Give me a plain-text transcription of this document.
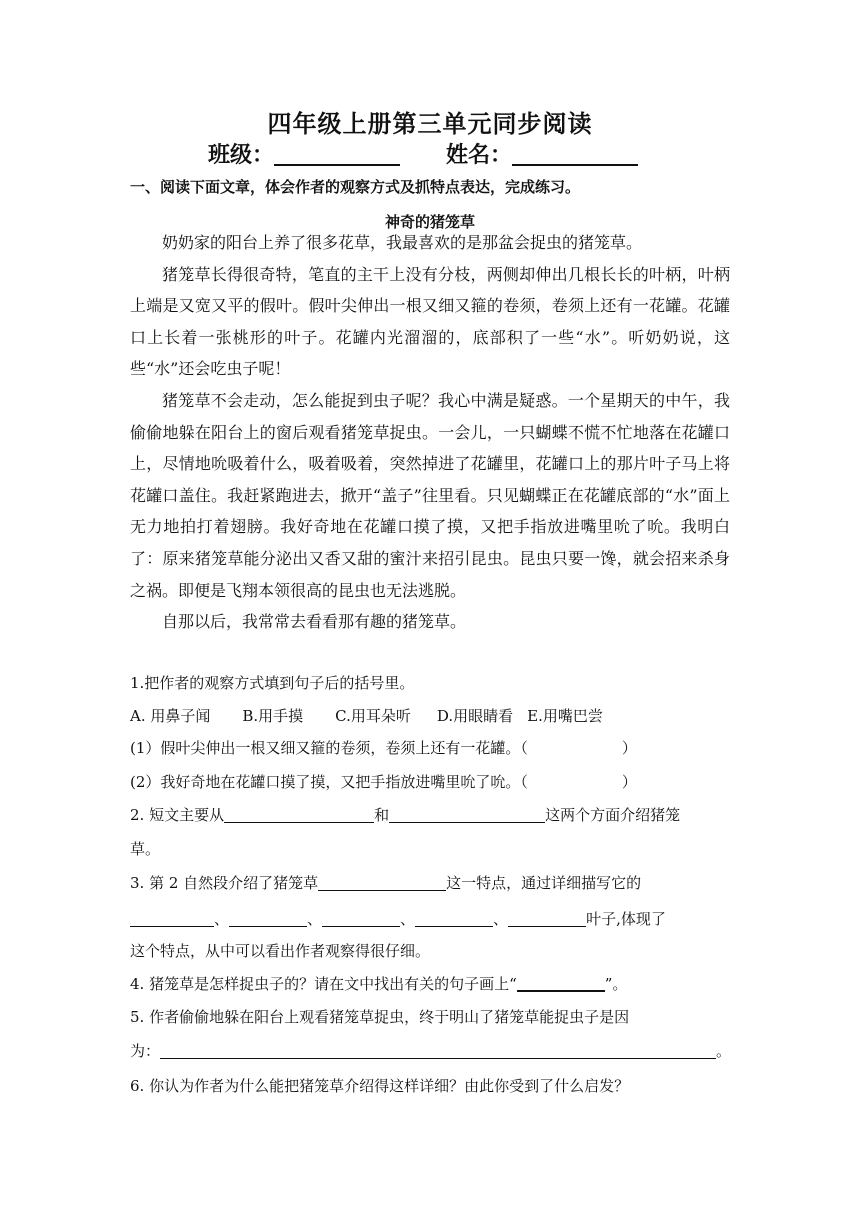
四年级上册第三单元同步阅读
班级：	姓名：
一、阅读下面文章，体会作者的观察方式及抓特点表达，完成练习。
神奇的猪笼草

奶奶家的阳台上养了很多花草，我最喜欢的是那盆会捉虫的猪笼草。

猪笼草长得很奇特，笔直的主干上没有分枝，两侧却伸出几根长长的叶柄，叶柄上端是又宽又平的假叶。假叶尖伸出一根又细又箍的卷须，卷须上还有一花罐。花罐口上长着一张桃形的叶子。花罐内光溜溜的，底部积了一些“水”。听奶奶说，这些“水”还会吃虫子呢！

猪笼草不会走动，怎么能捉到虫子呢？我心中满是疑惑。一个星期天的中午，我偷偷地躲在阳台上的窗后观看猪笼草捉虫。一会儿，一只蝴蝶不慌不忙地落在花罐口上，尽情地吮吸着什么，吸着吸着，突然掉进了花罐里，花罐口上的那片叶子马上将花罐口盖住。我赶紧跑进去，掀开“盖子”往里看。只见蝴蝶正在花罐底部的“水”面上无力地拍打着翅膀。我好奇地在花罐口摸了摸，又把手指放进嘴里吮了吮。我明白了：原来猪笼草能分泌出又香又甜的蜜汁来招引昆虫。昆虫只要一馋，就会招来杀身之祸。即便是飞翔本领很高的昆虫也无法逃脱。

自那以后，我常常去看看那有趣的猪笼草。

1.把作者的观察方式填到句子后的括号里。
A. 用鼻子闻 B.用手摸 C.用耳朵听 D.用眼睛看 E.用嘴巴尝
(1）假叶尖伸出一根又细又箍的卷须，卷须上还有一花罐。（	）
(2）我好奇地在花罐口摸了摸，又把手指放进嘴里吮了吮。（	）
2. 短文主要从	和	这两个方面介绍猪笼
草。
3. 第 2 自然段介绍了猪笼草	这一特点，通过详细描写它的
、	、	、	、	叶子,体现了
这个特点，从中可以看出作者观察得很仔细。
4. 猪笼草是怎样捉虫子的？请在文中找出有关的句子画上“	”。
5. 作者偷偷地躲在阳台上观看猪笼草捉虫，终于明山了猪笼草能捉虫子是因
为：	。
6. 你认为作者为什么能把猪笼草介绍得这样详细？由此你受到了什么启发？
